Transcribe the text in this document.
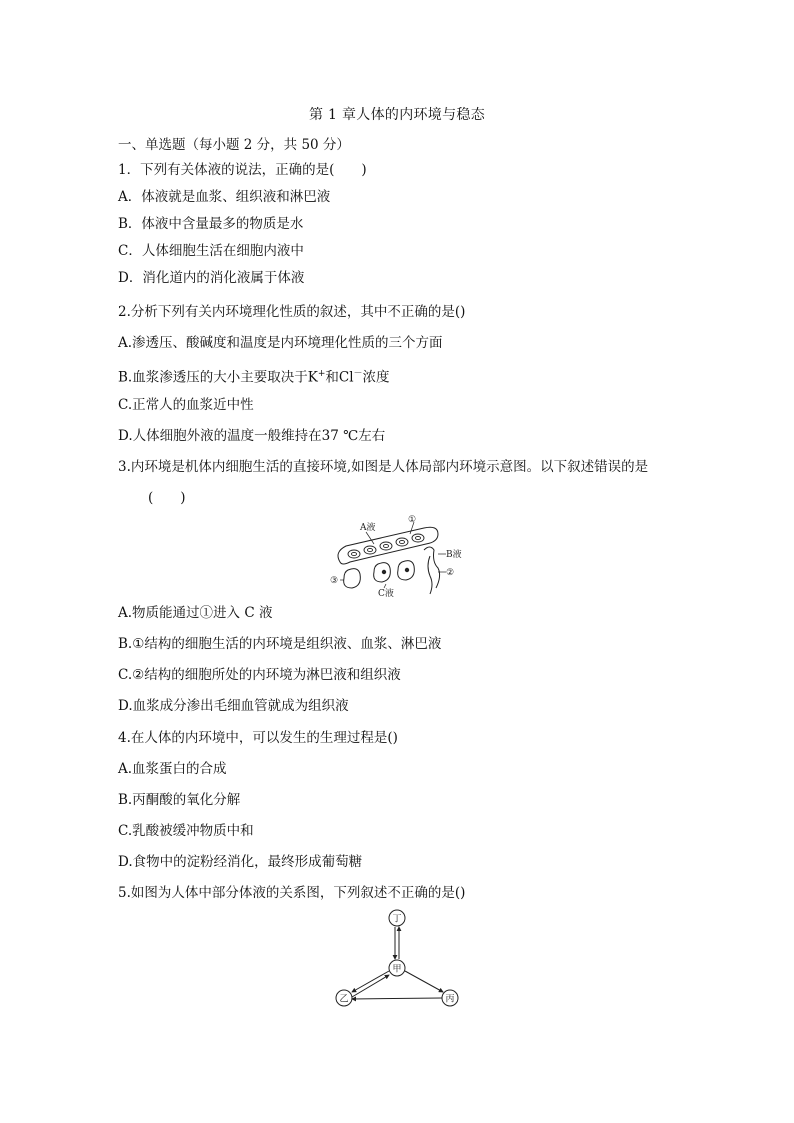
第 1 章人体的内环境与稳态
一、单选题（每小题 2 分，共 50 分）
1．下列有关体液的说法，正确的是(　　)
A．体液就是血浆、组织液和淋巴液
B．体液中含量最多的物质是水
C．人体细胞生活在细胞内液中
D．消化道内的消化液属于体液
2.分析下列有关内环境理化性质的叙述，其中不正确的是()
A.渗透压、酸碱度和温度是内环境理化性质的三个方面
B.血浆渗透压的大小主要取决于K+和Cl－浓度
C.正常人的血浆近中性
D.人体细胞外液的温度一般维持在37 ℃左右
3.内环境是机体内细胞生活的直接环境,如图是人体局部内环境示意图。以下叙述错误的是
(　　)
A液
①
B液
②
③
C液
A.物质能通过①进入 C 液
B.①结构的细胞生活的内环境是组织液、血浆、淋巴液
C.②结构的细胞所处的内环境为淋巴液和组织液
D.血浆成分渗出毛细血管就成为组织液
4.在人体的内环境中，可以发生的生理过程是()
A.血浆蛋白的合成
B.丙酮酸的氧化分解
C.乳酸被缓冲物质中和
D.食物中的淀粉经消化，最终形成葡萄糖
5.如图为人体中部分体液的关系图，下列叙述不正确的是()
丁
甲
乙	丙
